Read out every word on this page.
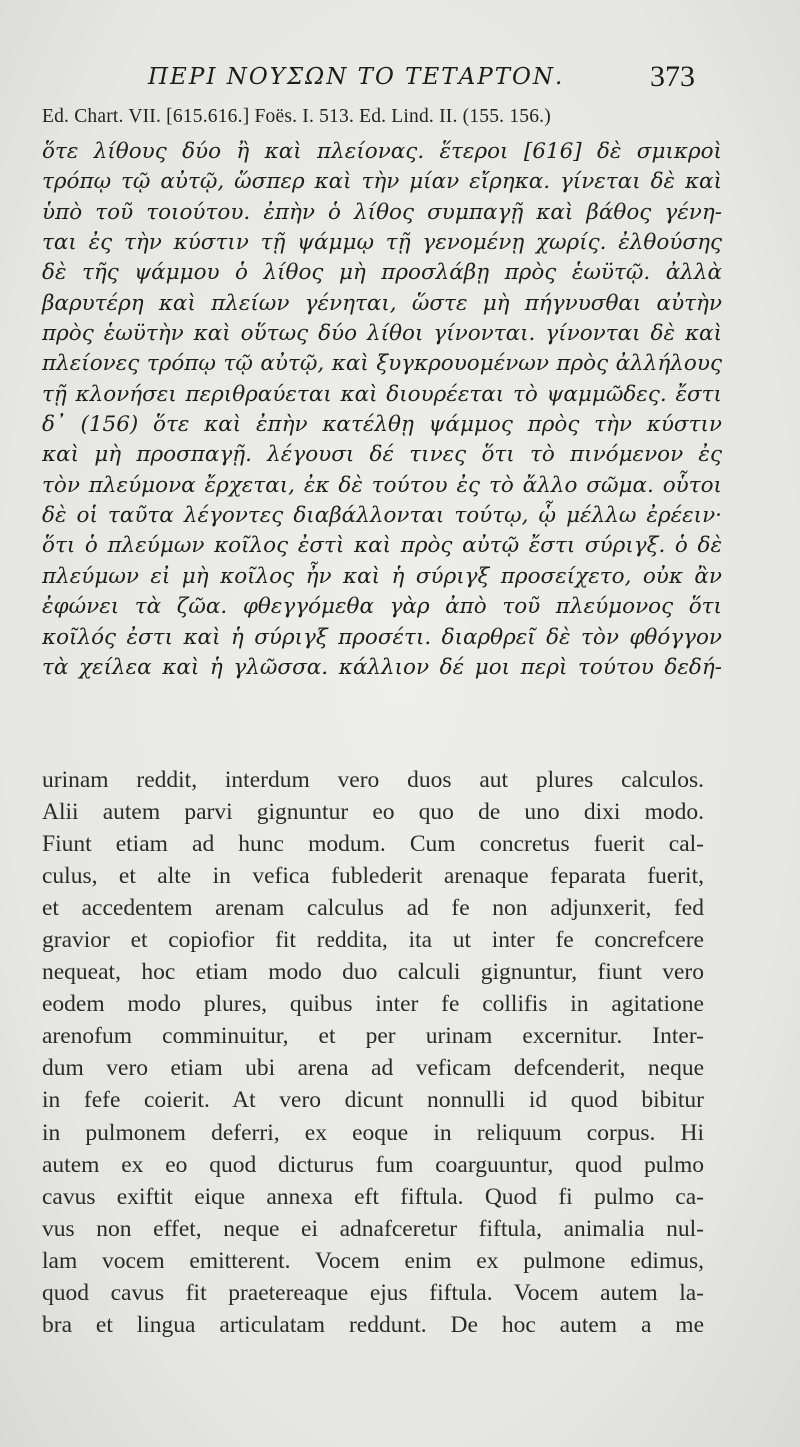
ΠΕΡΙ ΝΟΥΣΩΝ ΤΟ ΤΕΤΑΡΤΟΝ.	373
Ed. Chart. VII. [615.616.] Foës. I. 513. Ed. Lind. II. (155. 156.)
ὅτε λίθους δύο ἢ καὶ πλείονας. ἕτεροι [616] δὲ σμικροὶ
τρόπῳ τῷ αὐτῷ, ὥσπερ καὶ τὴν μίαν εἴρηκα. γίνεται δὲ καὶ
ὑπὸ τοῦ τοιούτου. ἐπὴν ὁ λίθος συμπαγῇ καὶ βάθος γένη-
ται ἐς τὴν κύστιν τῇ ψάμμῳ τῇ γενομένῃ χωρίς. ἐλθούσης
δὲ τῆς ψάμμου ὁ λίθος μὴ προσλάβῃ πρὸς ἑωϋτῷ. ἀλλὰ
βαρυτέρη καὶ πλείων γένηται, ὥστε μὴ πήγνυσθαι αὐτὴν
πρὸς ἑωϋτὴν καὶ οὕτως δύο λίθοι γίνονται. γίνονται δὲ καὶ
πλείονες τρόπῳ τῷ αὐτῷ, καὶ ξυγκρουομένων πρὸς ἀλλήλους
τῇ κλονήσει περιθραύεται καὶ διουρέεται τὸ ψαμμῶδες. ἔστι
δ᾽ (156) ὅτε καὶ ἐπὴν κατέλθῃ ψάμμος πρὸς τὴν κύστιν
καὶ μὴ προσπαγῇ. λέγουσι δέ τινες ὅτι τὸ πινόμενον ἐς
τὸν πλεύμονα ἔρχεται, ἐκ δὲ τούτου ἐς τὸ ἄλλο σῶμα. οὗτοι
δὲ οἱ ταῦτα λέγοντες διαβάλλονται τούτῳ, ᾧ μέλλω ἐρέειν·
ὅτι ὁ πλεύμων κοῖλος ἐστὶ καὶ πρὸς αὐτῷ ἔστι σύριγξ. ὁ δὲ
πλεύμων εἰ μὴ κοῖλος ἦν καὶ ἡ σύριγξ προσείχετο, οὐκ ἂν
ἐφώνει τὰ ζῶα. φθεγγόμεθα γὰρ ἀπὸ τοῦ πλεύμονος ὅτι
κοῖλός ἐστι καὶ ἡ σύριγξ προσέτι. διαρθρεῖ δὲ τὸν φθόγγον
τὰ χείλεα καὶ ἡ γλῶσσα. κάλλιον δέ μοι περὶ τούτου δεδή-
urinam reddit, interdum vero duos aut plures calculos.
Alii autem parvi gignuntur eo quo de uno dixi modo.
Fiunt etiam ad hunc modum. Cum concretus fuerit cal-
culus, et alte in vefica fublederit arenaque feparata fuerit,
et accedentem arenam calculus ad fe non adjunxerit, fed
gravior et copiofior fit reddita, ita ut inter fe concrefcere
nequeat, hoc etiam modo duo calculi gignuntur, fiunt vero
eodem modo plures, quibus inter fe collifis in agitatione
arenofum comminuitur, et per urinam excernitur. Inter-
dum vero etiam ubi arena ad veficam defcenderit, neque
in fefe coierit. At vero dicunt nonnulli id quod bibitur
in pulmonem deferri, ex eoque in reliquum corpus. Hi
autem ex eo quod dicturus fum coarguuntur, quod pulmo
cavus exiftit eique annexa eft fiftula. Quod fi pulmo ca-
vus non effet, neque ei adnafceretur fiftula, animalia nul-
lam vocem emitterent. Vocem enim ex pulmone edimus,
quod cavus fit praetereaque ejus fiftula. Vocem autem la-
bra et lingua articulatam reddunt. De hoc autem a me
